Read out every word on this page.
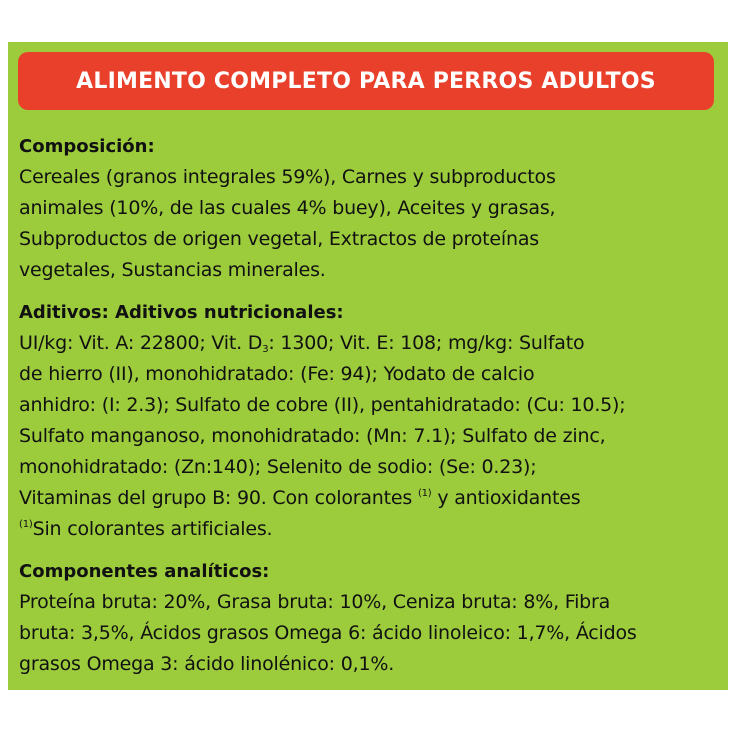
ALIMENTO COMPLETO PARA PERROS ADULTOS
Composición:
Cereales (granos integrales 59%), Carnes y subproductos
animales (10%, de las cuales 4% buey), Aceites y grasas,
Subproductos de origen vegetal, Extractos de proteínas
vegetales, Sustancias minerales.
Aditivos: Aditivos nutricionales:
UI/kg: Vit. A: 22800; Vit. $D_3$: 1300; Vit. E: 108; mg/kg: Sulfato
de hierro (II), monohidratado: (Fe: 94); Yodato de calcio
anhidro: (I: 2.3); Sulfato de cobre (II), pentahidratado: (Cu: 10.5);
Sulfato manganoso, monohidratado: (Mn: 7.1); Sulfato de zinc,
monohidratado: (Zn:140); Selenito de sodio: (Se: 0.23);
Vitaminas del grupo B: 90. Con colorantes $^{(1)}$ y antioxidantes
$^{(1)}$Sin colorantes artificiales.
Componentes analíticos:
Proteína bruta: 20%, Grasa bruta: 10%, Ceniza bruta: 8%, Fibra
bruta: 3,5%, Ácidos grasos Omega 6: ácido linoleico: 1,7%, Ácidos
grasos Omega 3: ácido linolénico: 0,1%.
